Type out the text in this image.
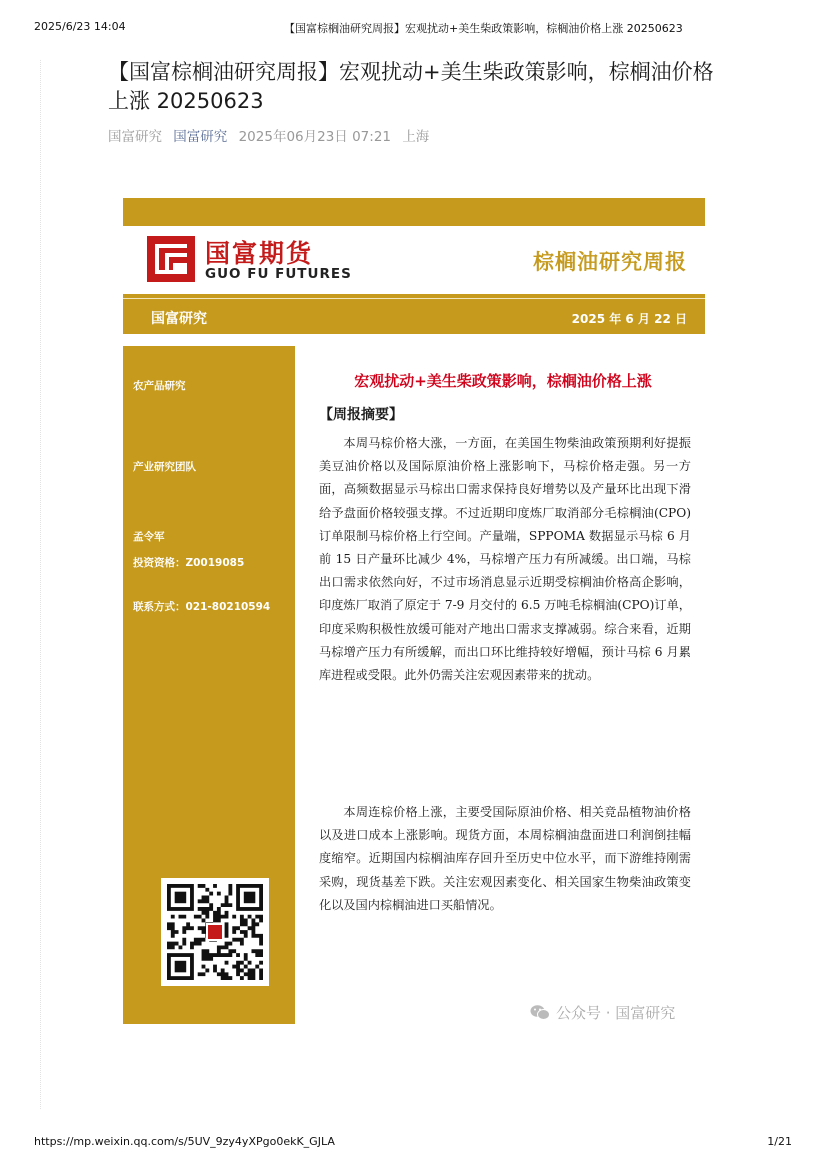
2025/6/23 14:04	【国富棕榈油研究周报】宏观扰动+美生柴政策影响，棕榈油价格上涨 20250623
【国富棕榈油研究周报】宏观扰动+美生柴政策影响，棕榈油价格上涨 20250623
国富研究 国富研究 2025年06月23日 07:21 上海
国富期货
GUO FU FUTURES	棕榈油研究周报
国富研究	2025 年 6 月 22 日
农产品研究
产业研究团队
孟令军
投资资格：Z0019085
联系方式：021-80210594
宏观扰动+美生柴政策影响，棕榈油价格上涨
【周报摘要】

本周马棕价格大涨，一方面，在美国生物柴油政策预期利好提振美豆油价格以及国际原油价格上涨影响下，马棕价格走强。另一方面，高频数据显示马棕出口需求保持良好增势以及产量环比出现下滑给予盘面价格较强支撑。不过近期印度炼厂取消部分毛棕榈油(CPO)订单限制马棕价格上行空间。产量端，SPPOMA 数据显示马棕 6 月前 15 日产量环比减少 4%，马棕增产压力有所减缓。出口端，马棕出口需求依然向好，不过市场消息显示近期受棕榈油价格高企影响，印度炼厂取消了原定于 7-9 月交付的 6.5 万吨毛棕榈油(CPO)订单，印度采购积极性放缓可能对产地出口需求支撑减弱。综合来看，近期马棕增产压力有所缓解，而出口环比维持较好增幅，预计马棕 6 月累库进程或受限。此外仍需关注宏观因素带来的扰动。

本周连棕价格上涨，主要受国际原油价格、相关竞品植物油价格以及进口成本上涨影响。现货方面，本周棕榈油盘面进口利润倒挂幅度缩窄。近期国内棕榈油库存回升至历史中位水平，而下游维持刚需采购，现货基差下跌。关注宏观因素变化、相关国家生物柴油政策变化以及国内棕榈油进口买船情况。

公众号 · 国富研究
https://mp.weixin.qq.com/s/5UV_9zy4yXPgo0ekK_GJLA	1/21
